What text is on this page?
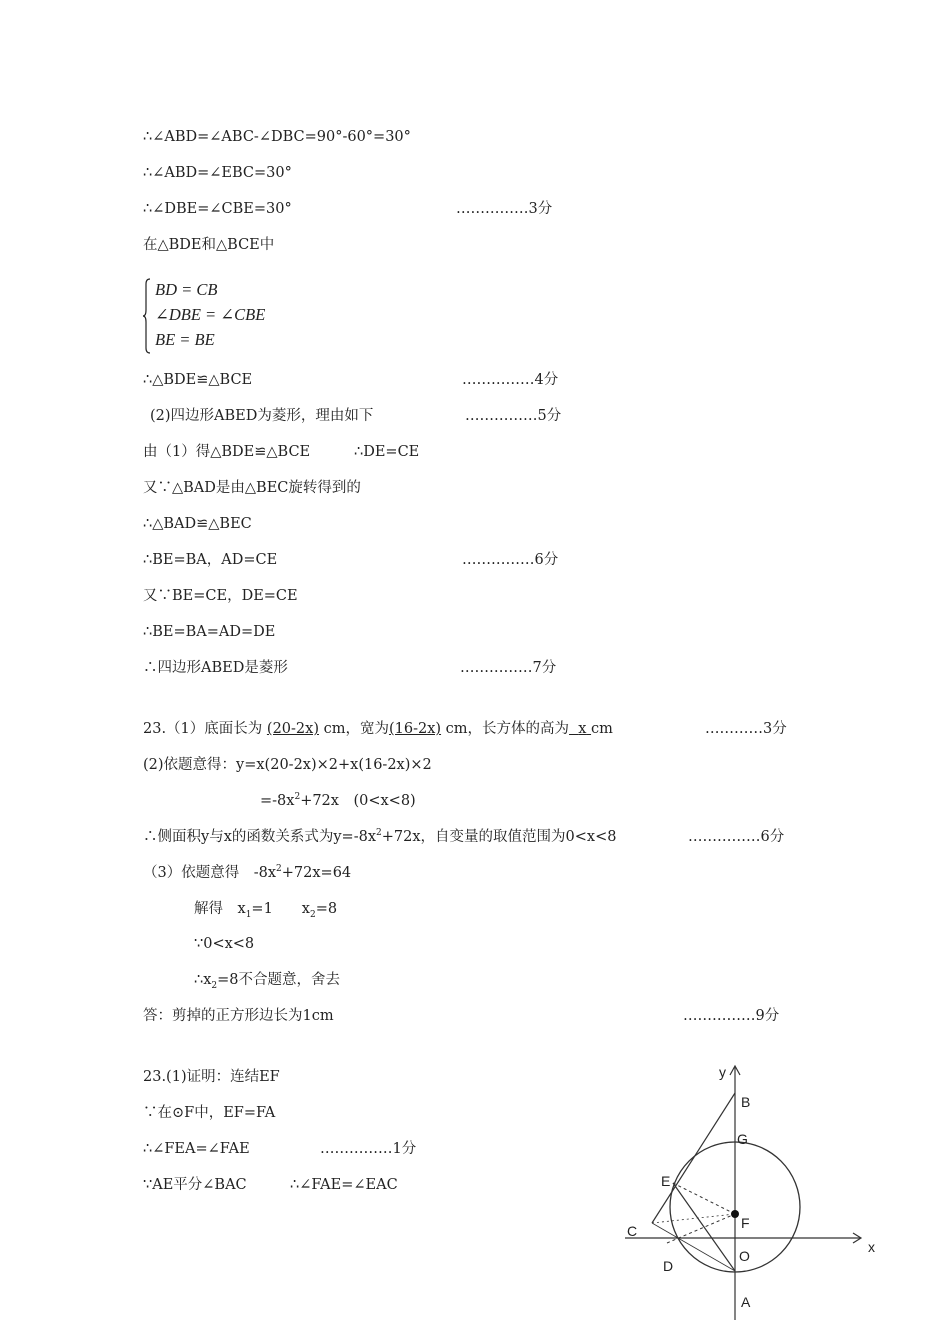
∴∠ABD=∠ABC-∠DBC=90°-60°=30°
∴∠ABD=∠EBC=30°
∴∠DBE=∠CBE=30°	……………3分
在△BDE和△BCE中
BD = CB
∠DBE = ∠CBE
BE = BE
∴△BDE≌△BCE	……………4分
(2)四边形ABED为菱形，理由如下	……………5分
由（1）得△BDE≌△BCE	∴DE=CE
又∵△BAD是由△BEC旋转得到的
∴△BAD≌△BEC
∴BE=BA，AD=CE	……………6分
又∵BE=CE，DE=CE
∴BE=BA=AD=DE
∴四边形ABED是菱形	……………7分
23.（1）底面长为 (20-2x) cm，宽为(16-2x) cm，长方体的高为 x cm	…………3分
(2)依题意得：y=x(20-2x)×2+x(16-2x)×2
$=-8x^2+72x$　(0<x<8)
∴侧面积y与x的函数关系式为$y=-8x^2+72x$，自变量的取值范围为0<x<8	……………6分
（3）依题意得　$-8x^2+72x=64$
解得　$x_1=1$　　$x_2=8$
∵0<x<8
$\therefore x_2=8$不合题意，舍去
答：剪掉的正方形边长为1cm	……………9分
23.(1)证明：连结EF
∵在⊙F中，EF=FA
∴∠FEA=∠FAE	……………1分
∵AE平分∠BAC	∴∠FAE=∠EAC
y
x
B
G
E
F
C
D
O
A
